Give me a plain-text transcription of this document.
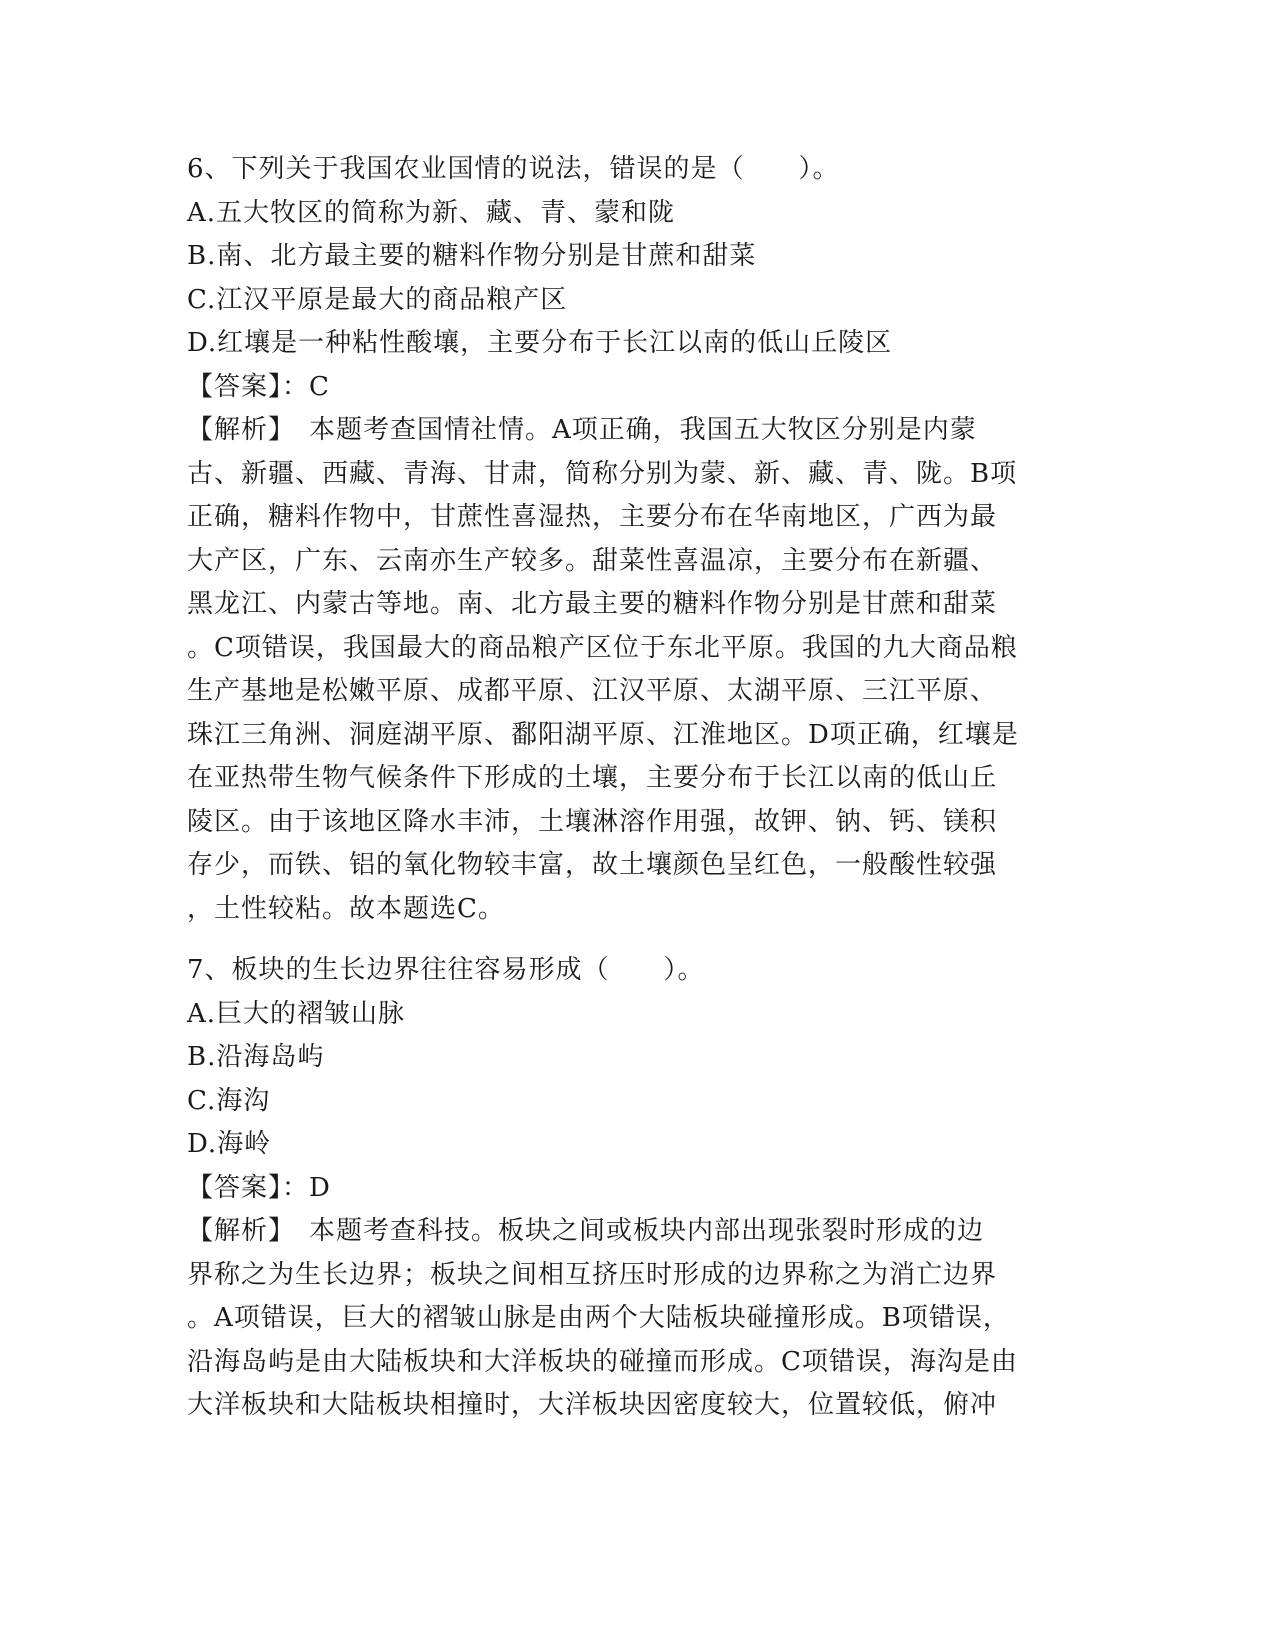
6、下列关于我国农业国情的说法，错误的是（　　）。
A.五大牧区的简称为新、藏、青、蒙和陇
B.南、北方最主要的糖料作物分别是甘蔗和甜菜
C.江汉平原是最大的商品粮产区
D.红壤是一种粘性酸壤，主要分布于长江以南的低山丘陵区
【答案】：C
【解析】　本题考查国情社情。A项正确，我国五大牧区分别是内蒙
古、新疆、西藏、青海、甘肃，简称分别为蒙、新、藏、青、陇。B项
正确，糖料作物中，甘蔗性喜湿热，主要分布在华南地区，广西为最
大产区，广东、云南亦生产较多。甜菜性喜温凉，主要分布在新疆、
黑龙江、内蒙古等地。南、北方最主要的糖料作物分别是甘蔗和甜菜
。C项错误，我国最大的商品粮产区位于东北平原。我国的九大商品粮
生产基地是松嫩平原、成都平原、江汉平原、太湖平原、三江平原、
珠江三角洲、洞庭湖平原、鄱阳湖平原、江淮地区。D项正确，红壤是
在亚热带生物气候条件下形成的土壤，主要分布于长江以南的低山丘
陵区。由于该地区降水丰沛，土壤淋溶作用强，故钾、钠、钙、镁积
存少，而铁、铝的氧化物较丰富，故土壤颜色呈红色，一般酸性较强
，土性较粘。故本题选C。
7、板块的生长边界往往容易形成（　　）。
A.巨大的褶皱山脉
B.沿海岛屿
C.海沟
D.海岭
【答案】：D
【解析】　本题考查科技。板块之间或板块内部出现张裂时形成的边
界称之为生长边界；板块之间相互挤压时形成的边界称之为消亡边界
。A项错误，巨大的褶皱山脉是由两个大陆板块碰撞形成。B项错误，
沿海岛屿是由大陆板块和大洋板块的碰撞而形成。C项错误，海沟是由
大洋板块和大陆板块相撞时，大洋板块因密度较大，位置较低，俯冲
